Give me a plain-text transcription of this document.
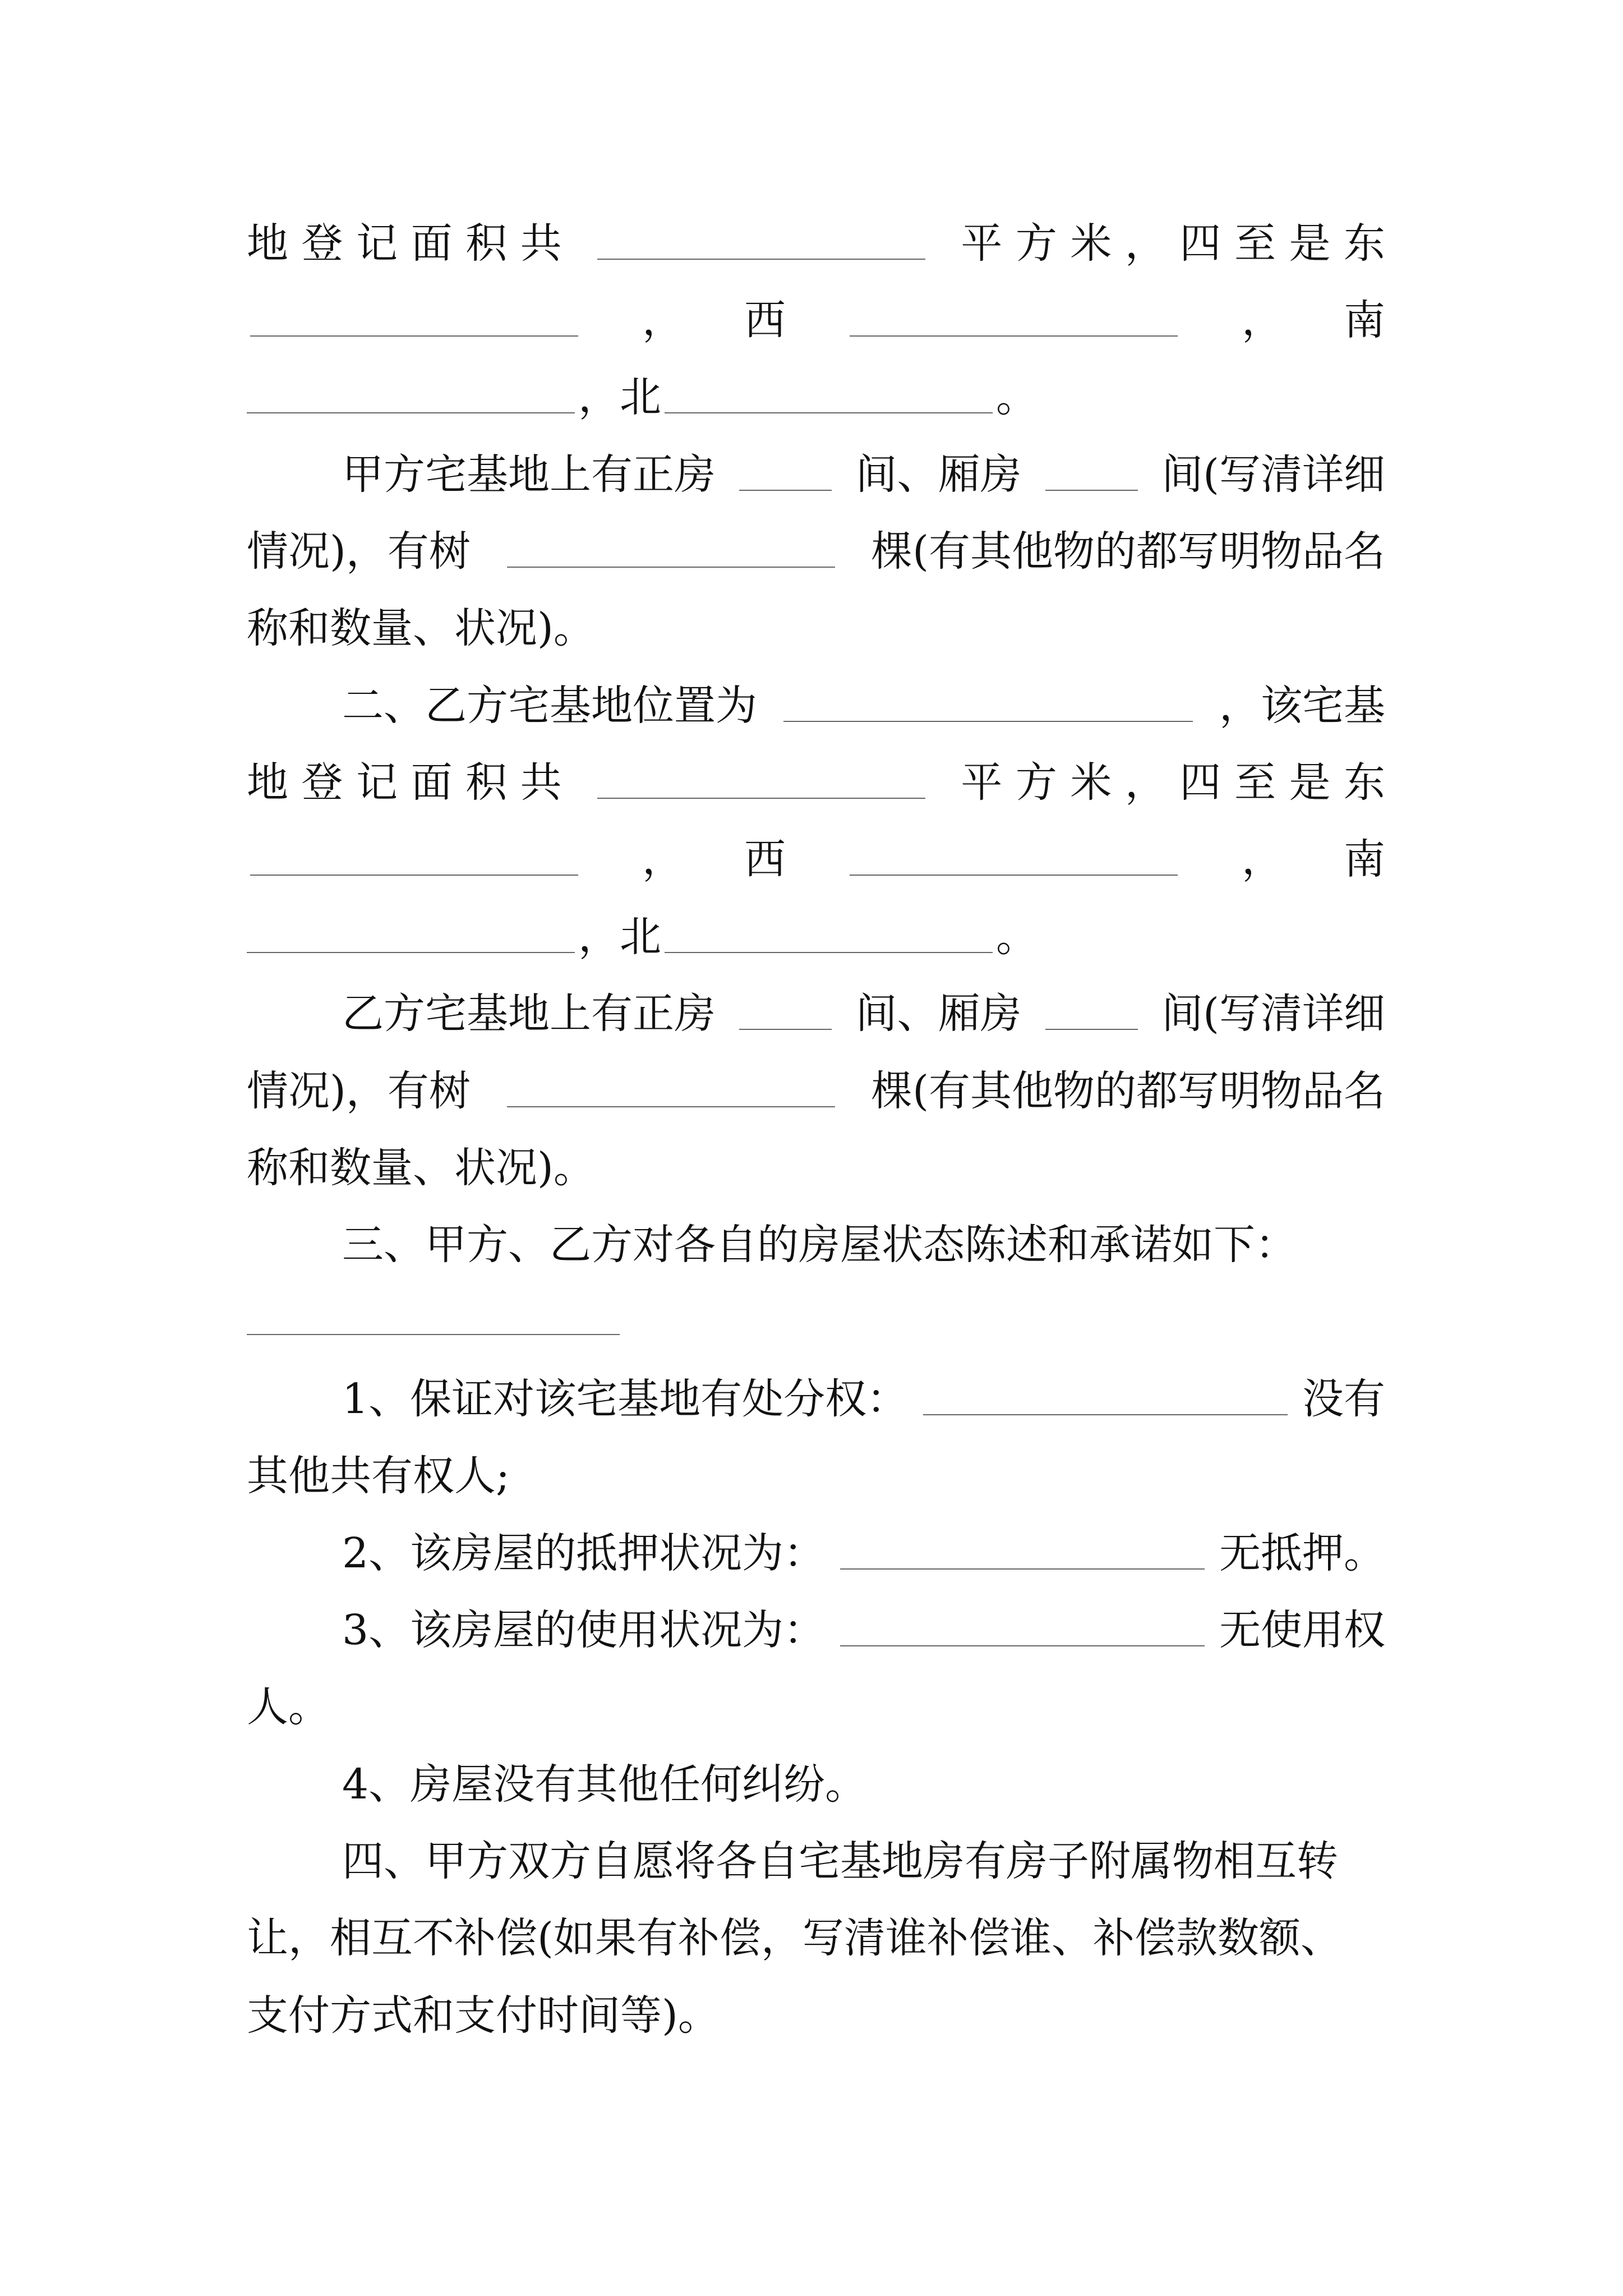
地 登 记 面 积 共	平 方 米 ， 四 至 是 东
， 西	， 南
，北	。
甲方宅基地上有正房	间、厢房	间(写清详细
情况)，有树	棵(有其他物的都写明物品名
称和数量、状况)。
二、乙方宅基地位置为	，该宅基
地 登 记 面 积 共	平 方 米 ， 四 至 是 东
， 西	， 南
，北	。
乙方宅基地上有正房	间、厢房	间(写清详细
情况)，有树	棵(有其他物的都写明物品名
称和数量、状况)。
三、甲方、乙方对各自的房屋状态陈述和承诺如下：
1、保证对该宅基地有处分权：	没有
其他共有权人;
2、该房屋的抵押状况为：	无抵押。
3、该房屋的使用状况为：	无使用权
人。
4、房屋没有其他任何纠纷。
四、甲方双方自愿将各自宅基地房有房子附属物相互转
让，相互不补偿(如果有补偿，写清谁补偿谁、补偿款数额、
支付方式和支付时间等)。
